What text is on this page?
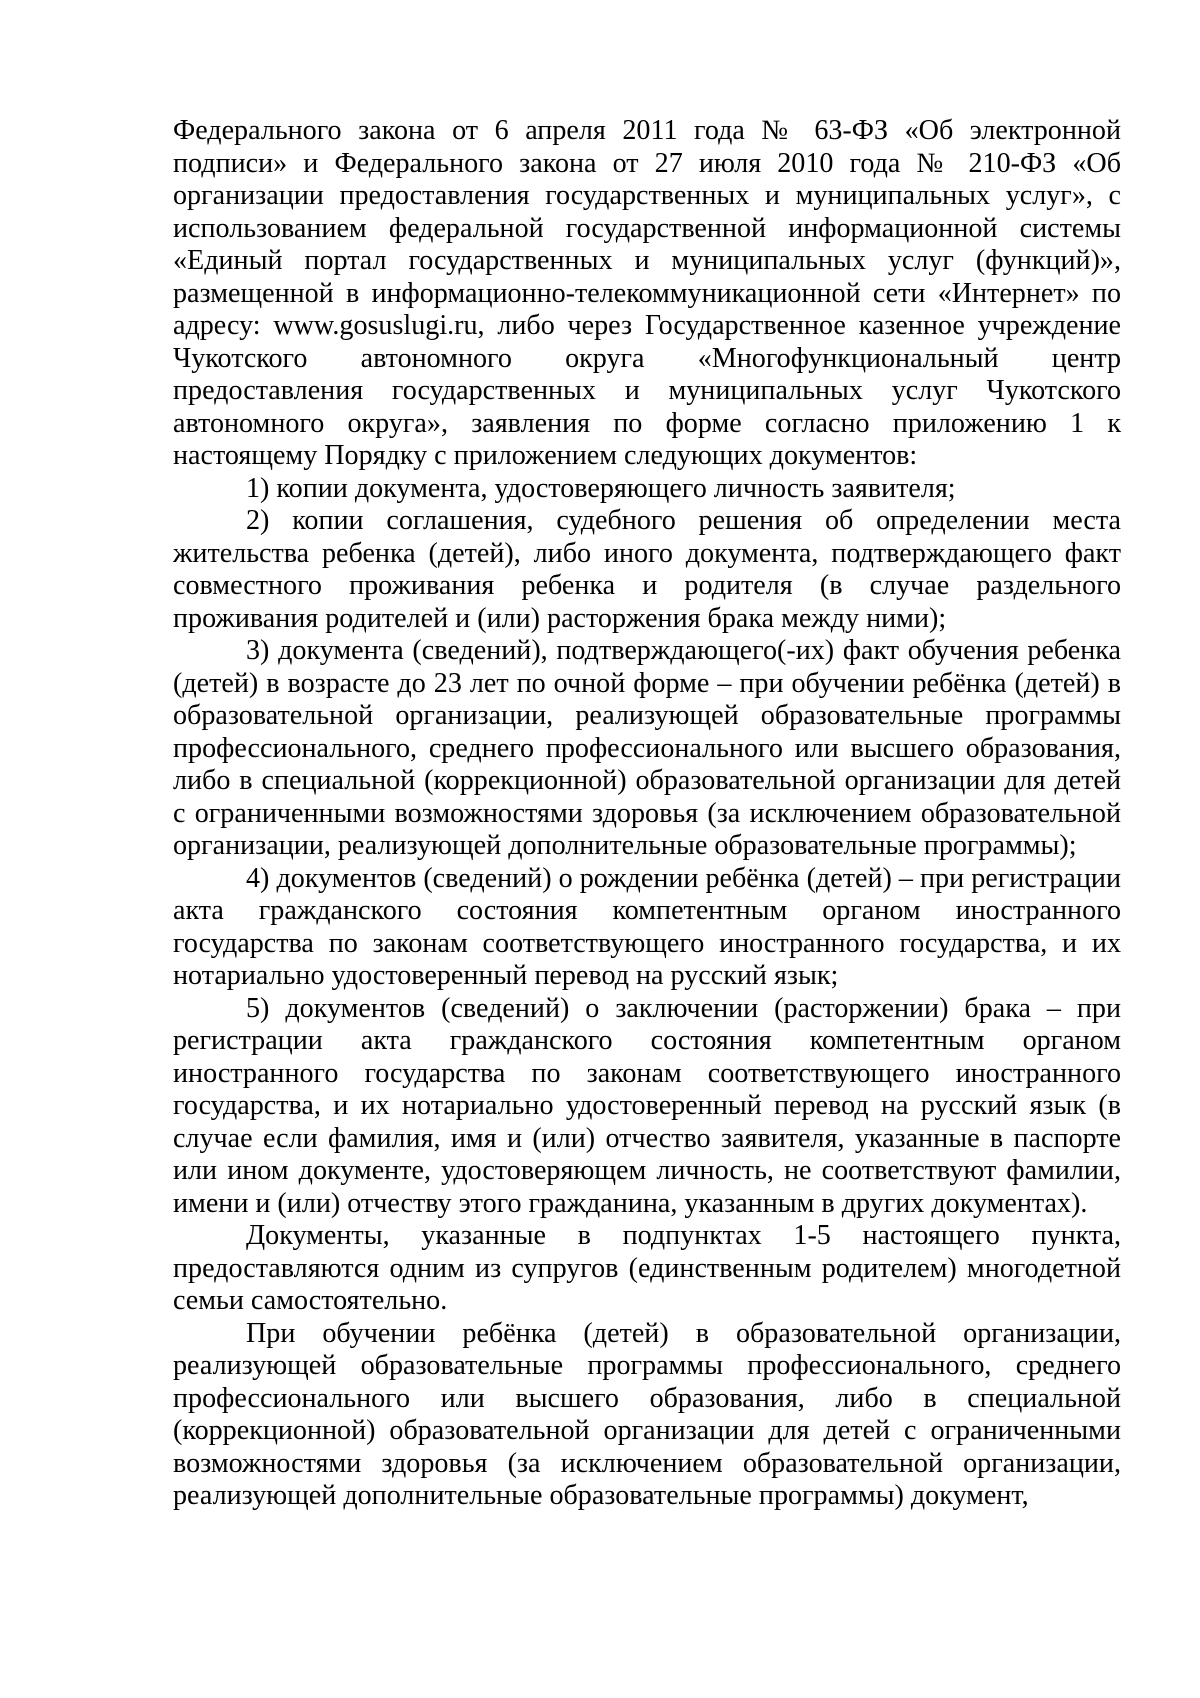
Федерального закона от 6 апреля 2011 года № 63-ФЗ «Об электронной подписи» и Федерального закона от 27 июля 2010 года № 210-ФЗ «Об организации предоставления государственных и муниципальных услуг», с использованием федеральной государственной информационной системы «Единый портал государственных и муниципальных услуг (функций)», размещенной в информационно-телекоммуникационной сети «Интернет» по адресу: www.gosuslugi.ru, либо через Государственное казенное учреждение Чукотского автономного округа «Многофункциональный центр предоставления государственных и муниципальных услуг Чукотского автономного округа», заявления по форме согласно приложению 1 к настоящему Порядку с приложением следующих документов:

1) копии документа, удостоверяющего личность заявителя;

2) копии соглашения, судебного решения об определении места жительства ребенка (детей), либо иного документа, подтверждающего факт совместного проживания ребенка и родителя (в случае раздельного проживания родителей и (или) расторжения брака между ними);

3) документа (сведений), подтверждающего(-их) факт обучения ребенка (детей) в возрасте до 23 лет по очной форме – при обучении ребёнка (детей) в образовательной организации, реализующей образовательные программы профессионального, среднего профессионального или высшего образования, либо в специальной (коррекционной) образовательной организации для детей с ограниченными возможностями здоровья (за исключением образовательной организации, реализующей дополнительные образовательные программы);

4) документов (сведений) о рождении ребёнка (детей) – при регистрации акта гражданского состояния компетентным органом иностранного государства по законам соответствующего иностранного государства, и их нотариально удостоверенный перевод на русский язык;

5) документов (сведений) о заключении (расторжении) брака – при регистрации акта гражданского состояния компетентным органом иностранного государства по законам соответствующего иностранного государства, и их нотариально удостоверенный перевод на русский язык (в случае если фамилия, имя и (или) отчество заявителя, указанные в паспорте или ином документе, удостоверяющем личность, не соответствуют фамилии, имени и (или) отчеству этого гражданина, указанным в других документах).

Документы, указанные в подпунктах 1-5 настоящего пункта, предоставляются одним из супругов (единственным родителем) многодетной семьи самостоятельно.

При обучении ребёнка (детей) в образовательной организации, реализующей образовательные программы профессионального, среднего профессионального или высшего образования, либо в специальной (коррекционной) образовательной организации для детей с ограниченными возможностями здоровья (за исключением образовательной организации, реализующей дополнительные образовательные программы) документ,
